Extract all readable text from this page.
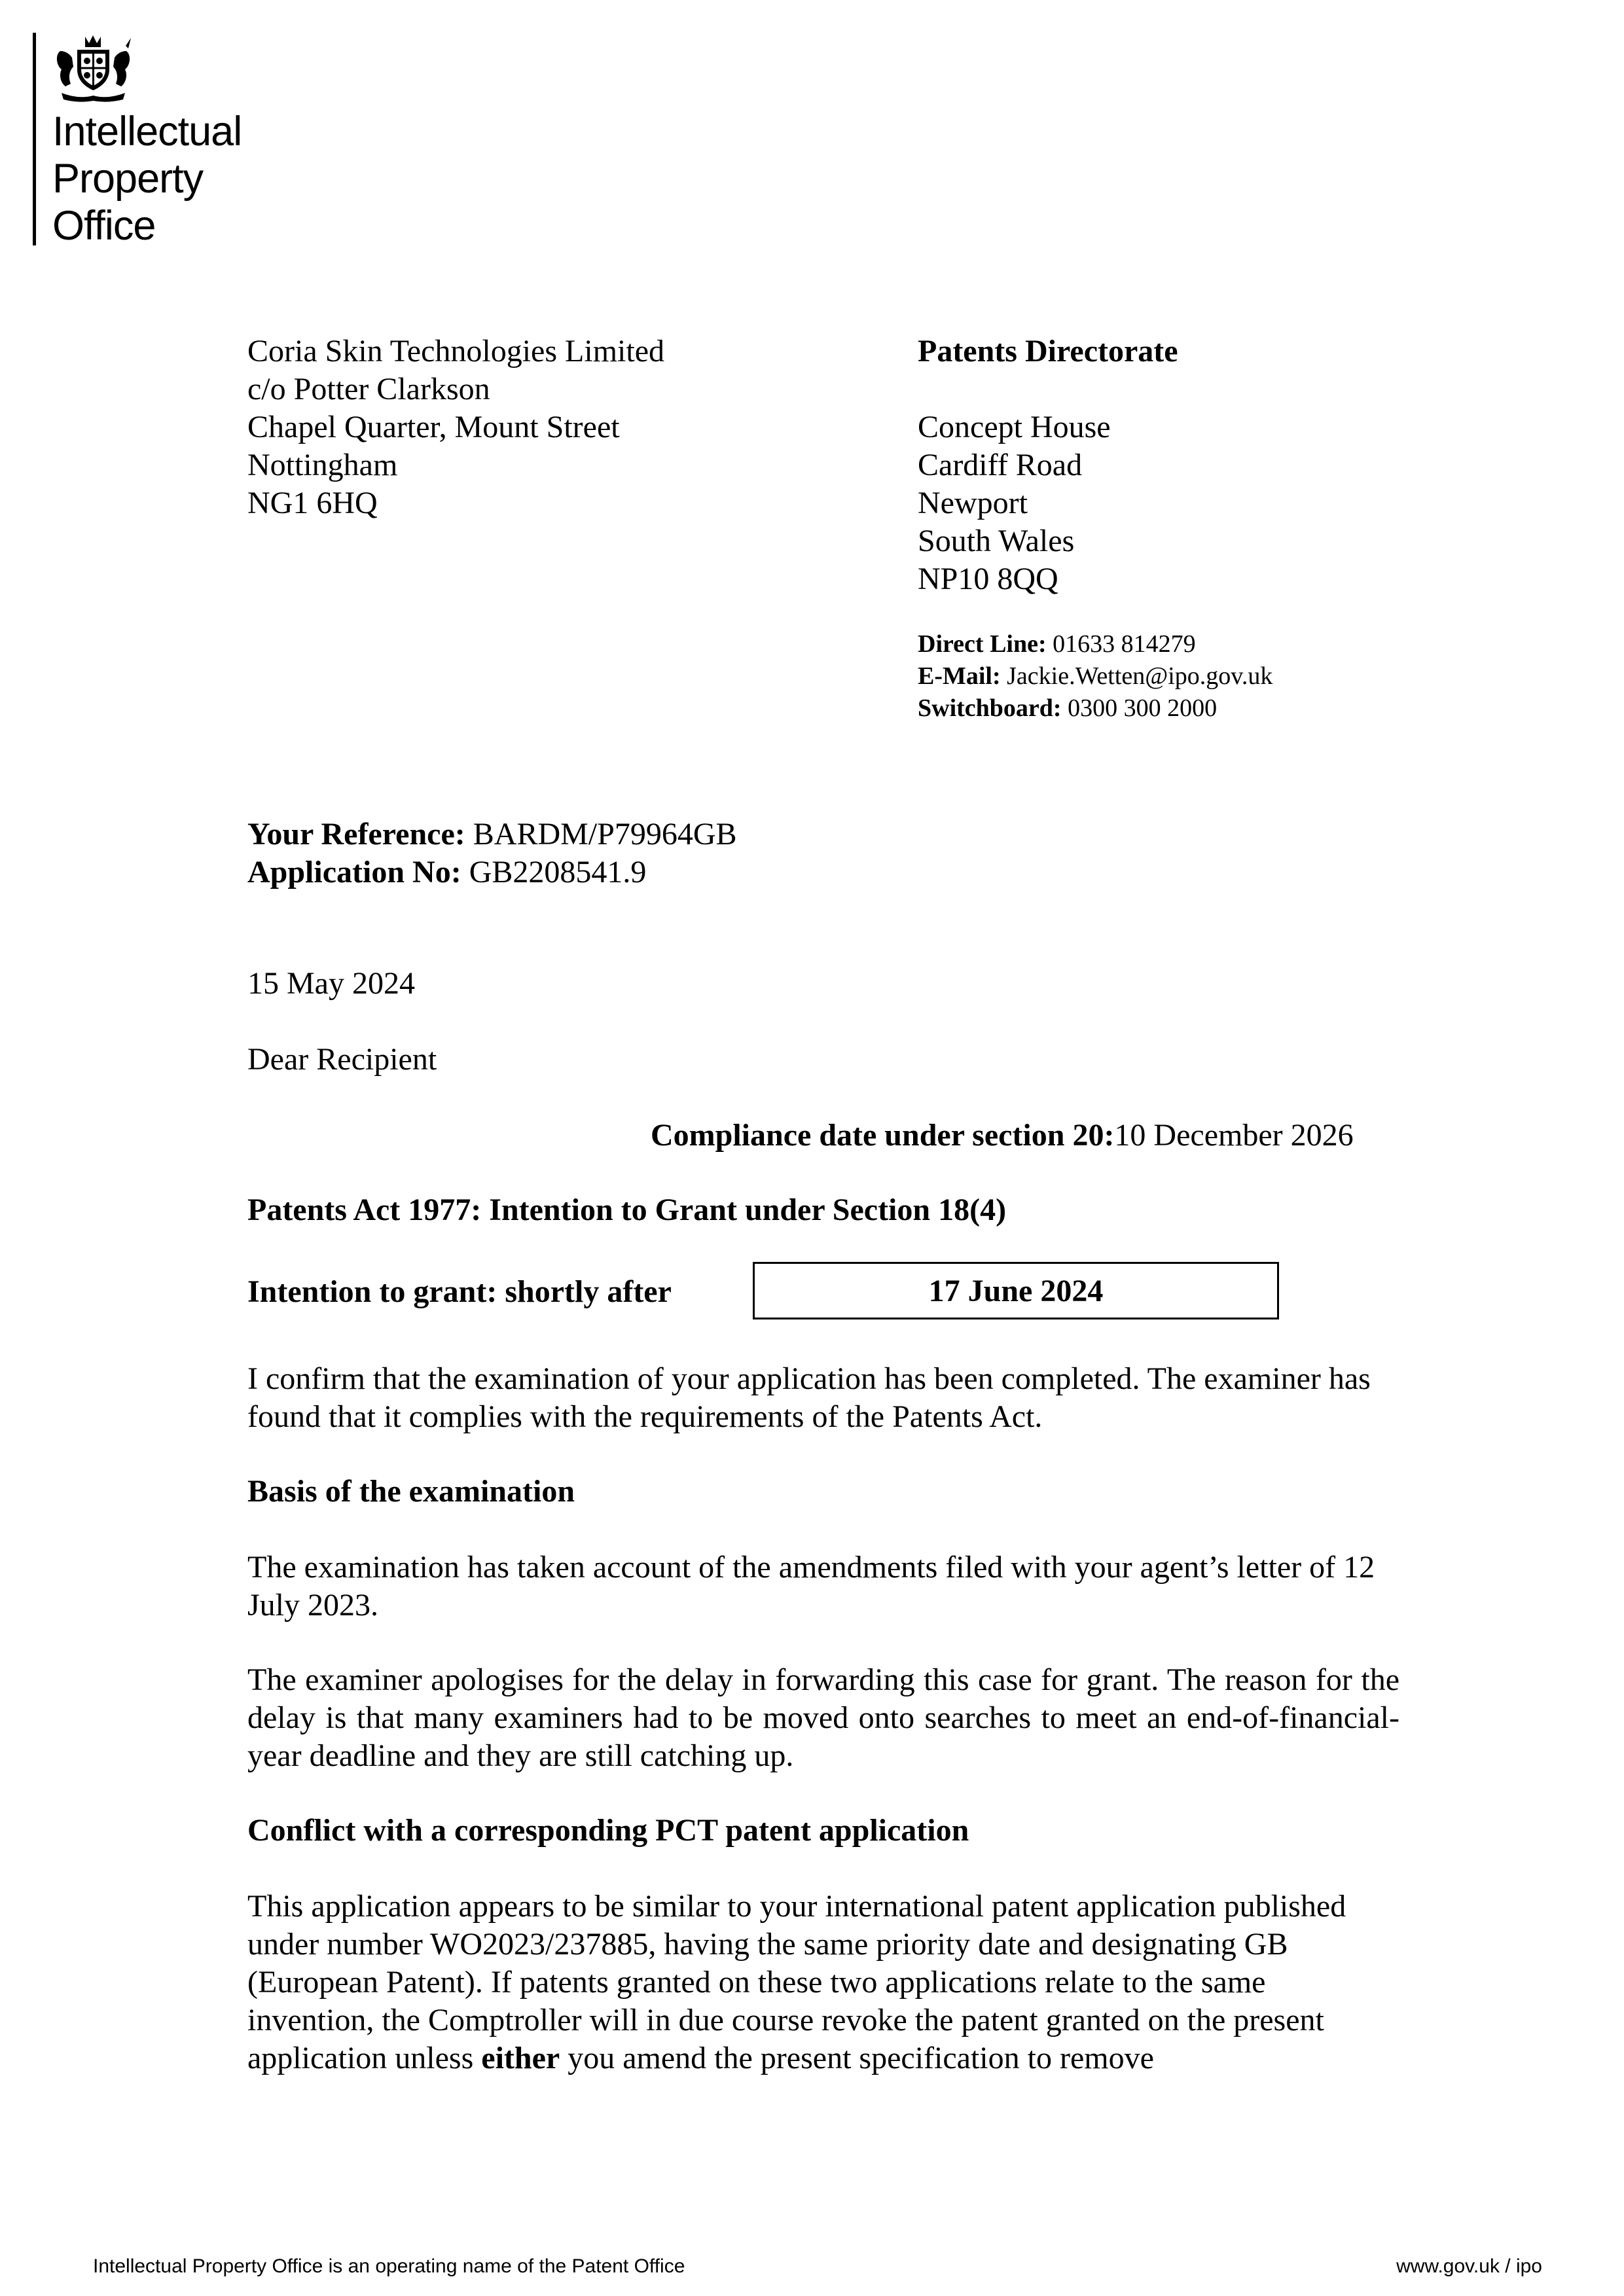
Intellectual
Property
Office
Coria Skin Technologies Limited
c/o Potter Clarkson
Chapel Quarter, Mount Street
Nottingham
NG1 6HQ
Patents Directorate
Concept House
Cardiff Road
Newport
South Wales
NP10 8QQ
Direct Line: 01633 814279
E-Mail: Jackie.Wetten@ipo.gov.uk
Switchboard: 0300 300 2000
Your Reference: BARDM/P79964GB
Application No: GB2208541.9
15 May 2024
Dear Recipient
Compliance date under section 20:10 December 2026
Patents Act 1977: Intention to Grant under Section 18(4)
Intention to grant: shortly after	17 June 2024
I confirm that the examination of your application has been completed. The examiner has found that it complies with the requirements of the Patents Act.
Basis of the examination
The examination has taken account of the amendments filed with your agent’s letter of 12 July 2023.
The examiner apologises for the delay in forwarding this case for grant. The reason for the delay is that many examiners had to be moved onto searches to meet an end-of-financial-year deadline and they are still catching up.
Conflict with a corresponding PCT patent application
This application appears to be similar to your international patent application published under number WO2023/237885, having the same priority date and designating GB (European Patent). If patents granted on these two applications relate to the same invention, the Comptroller will in due course revoke the patent granted on the present application unless either you amend the present specification to remove
Intellectual Property Office is an operating name of the Patent Office	www.gov.uk / ipo
